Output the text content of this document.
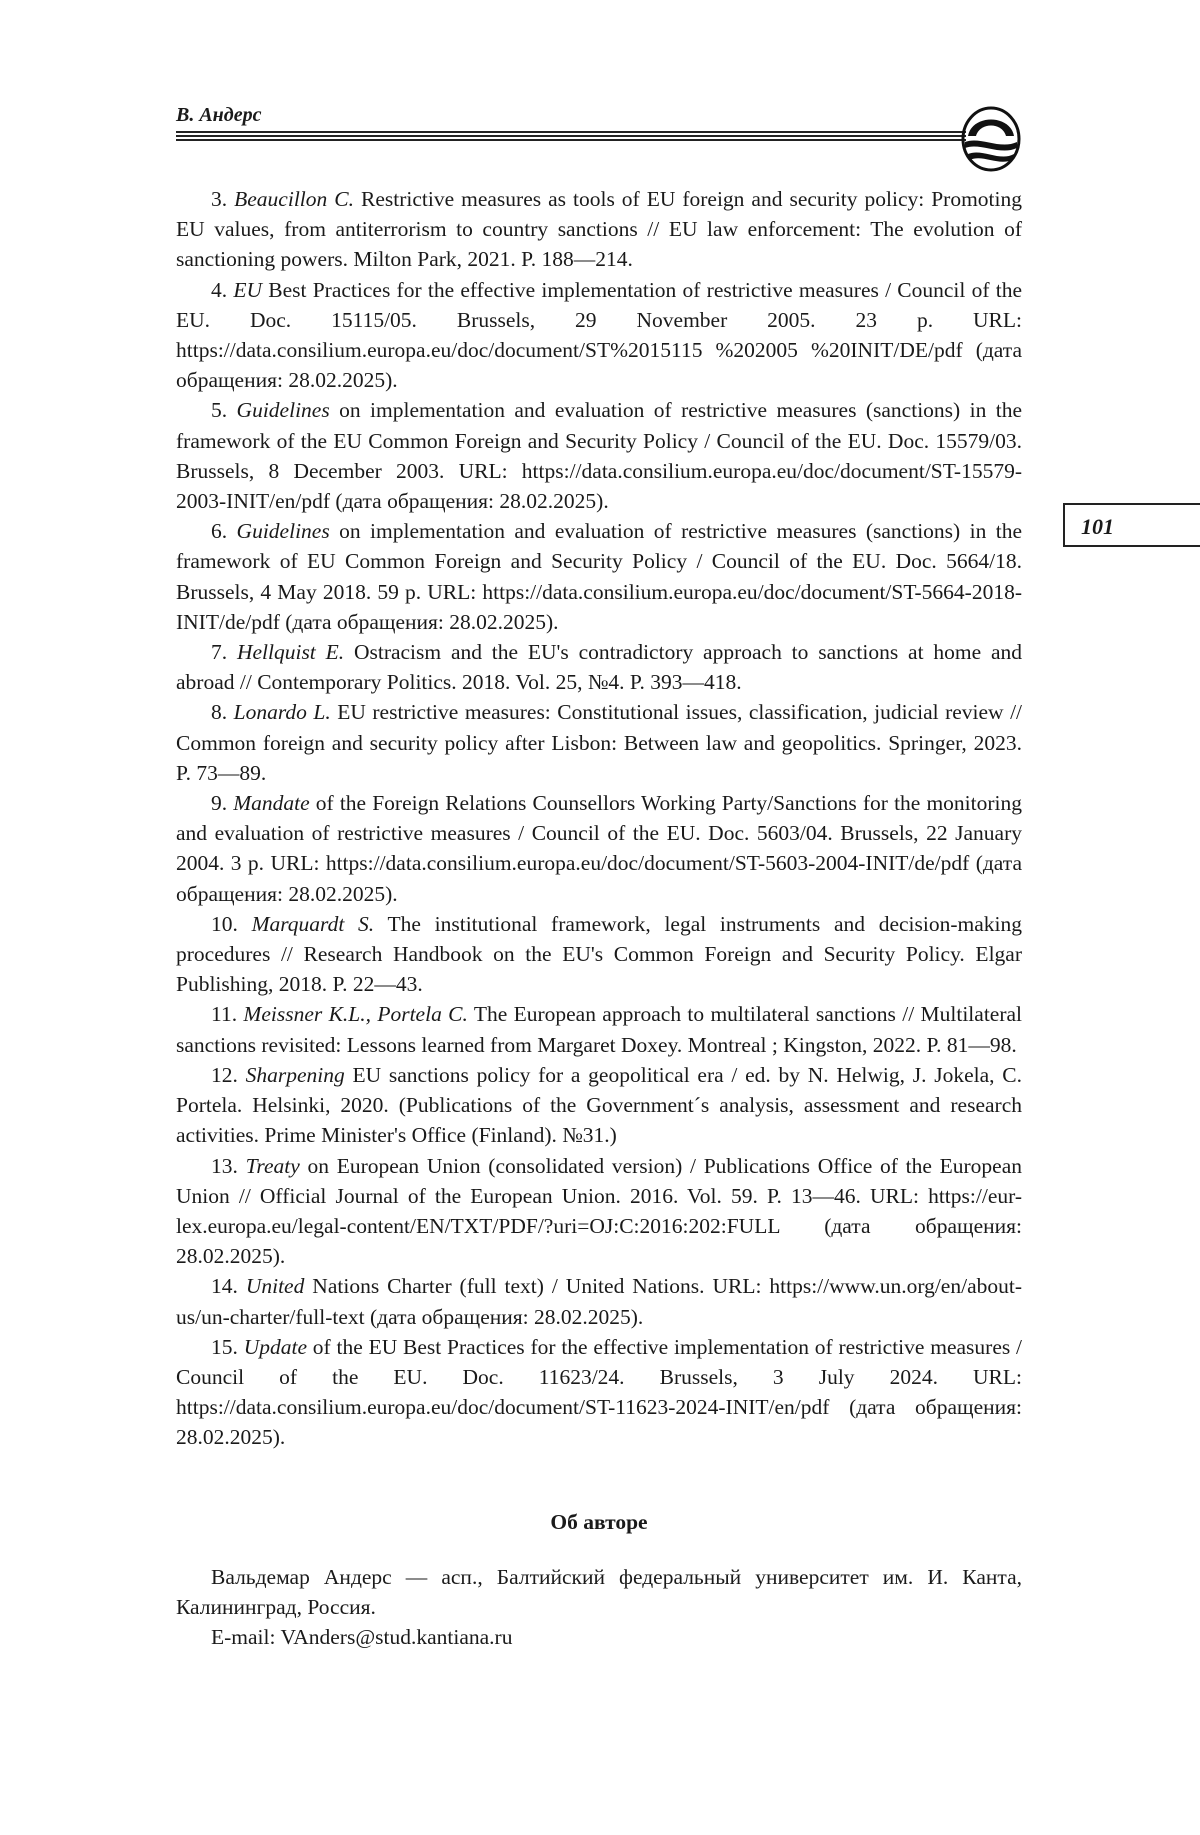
В. Андерс
101

3. Beaucillon C. Restrictive measures as tools of EU foreign and security policy: Promoting EU values, from antiterrorism to country sanctions // EU law enforcement: The evolution of sanctioning powers. Milton Park, 2021. P. 188—214.

4. EU Best Practices for the effective implementation of restrictive measures / Council of the EU. Doc. 15115/05. Brussels, 29 November 2005. 23 p. URL: https://data.consilium.europa.eu/doc/document/ST%2015115 %202005 %20INIT/DE/pdf (дата обращения: 28.02.2025).

5. Guidelines on implementation and evaluation of restrictive measures (sanctions) in the framework of the EU Common Foreign and Security Policy / Council of the EU. Doc. 15579/03. Brussels, 8 December 2003. URL: https://data.consilium.europa.eu/doc/document/ST-15579-2003-INIT/en/pdf (дата обращения: 28.02.2025).

6. Guidelines on implementation and evaluation of restrictive measures (sanctions) in the framework of EU Common Foreign and Security Policy / Council of the EU. Doc. 5664/18. Brussels, 4 May 2018. 59 p. URL: https://data.consilium.europa.eu/doc/document/ST-5664-2018-INIT/de/pdf (дата обращения: 28.02.2025).

7. Hellquist E. Ostracism and the EU's contradictory approach to sanctions at home and abroad // Contemporary Politics. 2018. Vol. 25, №4. P. 393—418.

8. Lonardo L. EU restrictive measures: Constitutional issues, classification, judicial review // Common foreign and security policy after Lisbon: Between law and geopolitics. Springer, 2023. P. 73—89.

9. Mandate of the Foreign Relations Counsellors Working Party/Sanctions for the monitoring and evaluation of restrictive measures / Council of the EU. Doc. 5603/04. Brussels, 22 January 2004. 3 p. URL: https://data.consilium.europa.eu/doc/document/ST-5603-2004-INIT/de/pdf (дата обращения: 28.02.2025).

10. Marquardt S. The institutional framework, legal instruments and decision-making procedures // Research Handbook on the EU's Common Foreign and Security Policy. Elgar Publishing, 2018. P. 22—43.

11. Meissner K.L., Portela C. The European approach to multilateral sanctions // Multilateral sanctions revisited: Lessons learned from Margaret Doxey. Montreal ; Kingston, 2022. P. 81—98.

12. Sharpening EU sanctions policy for a geopolitical era / ed. by N. Helwig, J. Jokela, C. Portela. Helsinki, 2020. (Publications of the Government´s analysis, assessment and research activities. Prime Minister's Office (Finland). №31.)

13. Treaty on European Union (consolidated version) / Publications Office of the European Union // Official Journal of the European Union. 2016. Vol. 59. P. 13—46. URL: https://eur-lex.europa.eu/legal-content/EN/TXT/PDF/?uri=OJ:C:2016:202:FULL (дата обращения: 28.02.2025).

14. United Nations Charter (full text) / United Nations. URL: https://www.un.org/en/about-us/un-charter/full-text (дата обращения: 28.02.2025).

15. Update of the EU Best Practices for the effective implementation of restrictive measures / Council of the EU. Doc. 11623/24. Brussels, 3 July 2024. URL: https://data.consilium.europa.eu/doc/document/ST-11623-2024-INIT/en/pdf (дата обращения: 28.02.2025).

Об авторе

Вальдемар Андерс — асп., Балтийский федеральный университет им. И. Канта, Калининград, Россия.

E-mail: VAnders@stud.kantiana.ru
